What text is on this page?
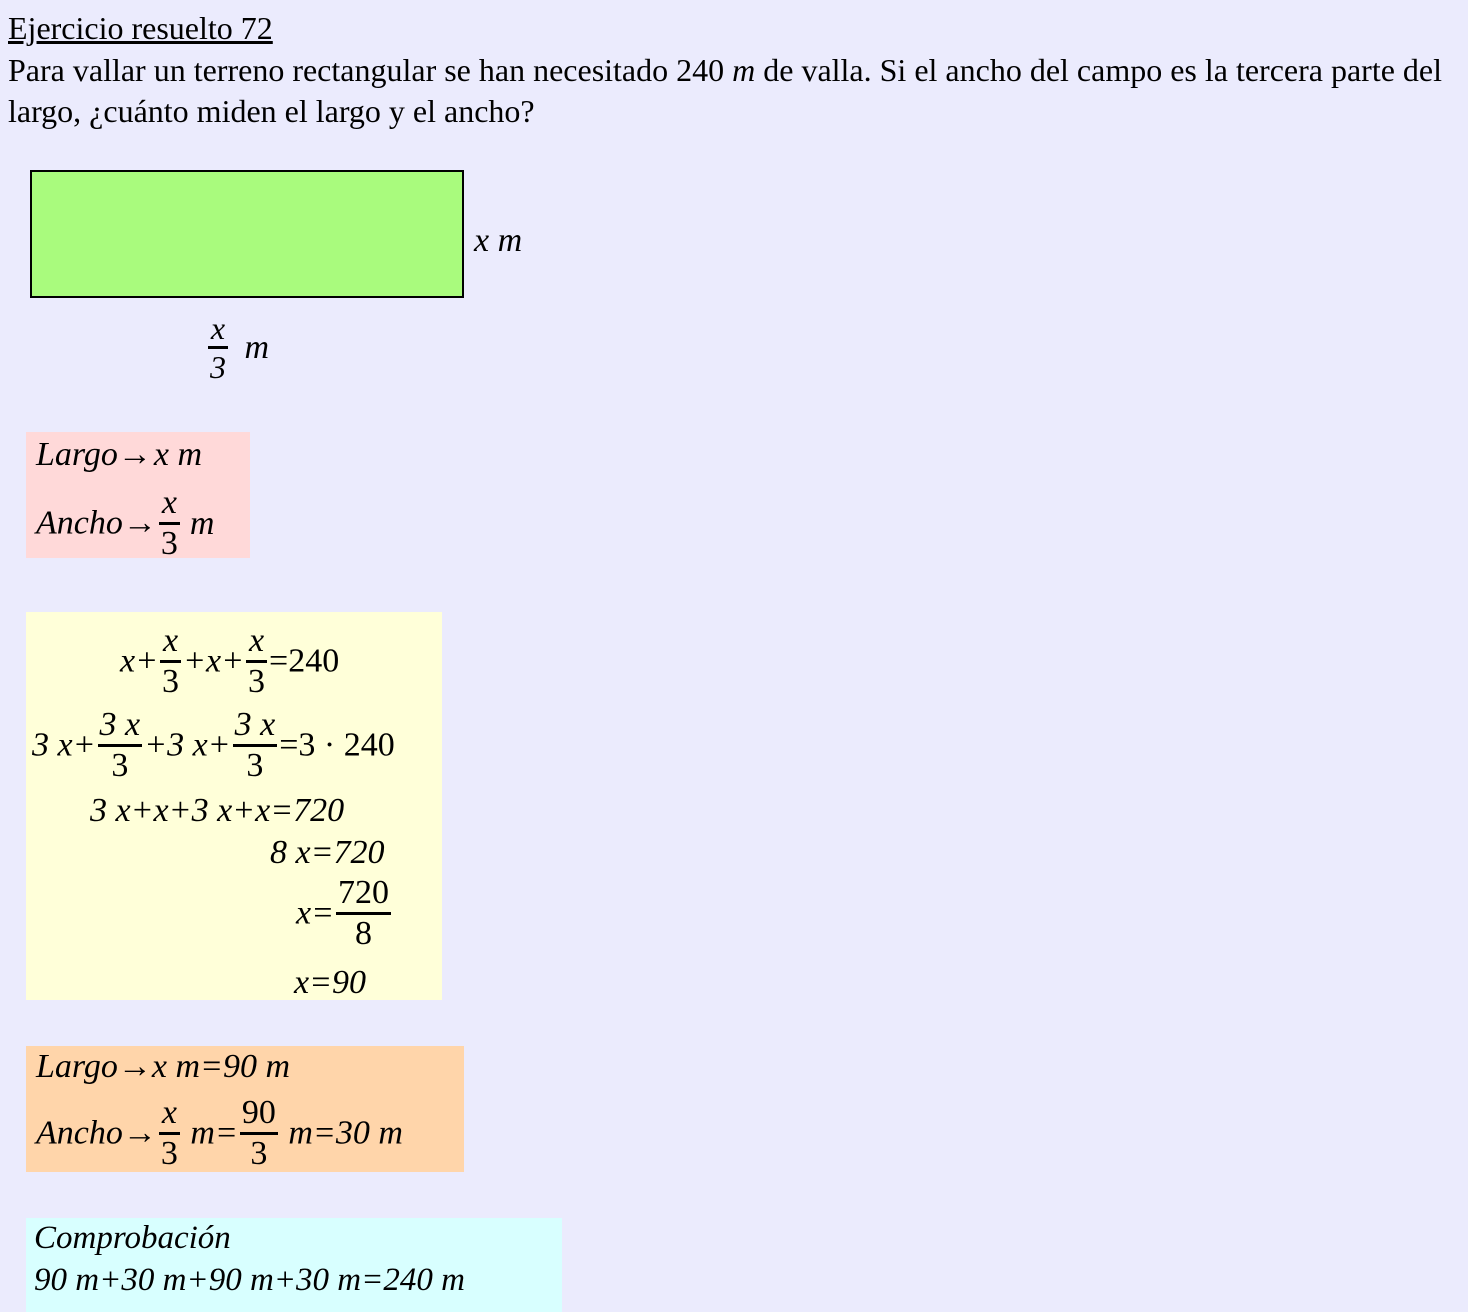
Ejercicio resuelto 72
Para vallar un terreno rectangular se han necesitado 240 m de valla. Si el ancho del campo es la tercera parte del largo, ¿cuánto miden el largo y el ancho?
x m
$\frac{x}{3}$ m
Largo→x m
Ancho→ $\frac{x}{3}$ m
$x+ \frac{x}{3} +x+ \frac{x}{3} =240$
3 $x+ \frac{3 x}{3} +3$ $x+ \frac{3 x}{3} =3 \cdot 240$
3 x+x+3 x+x=720
8 x=720
$x= \frac{720}{8}$
x=90
Largo→x m=90 m
Ancho→ $\frac{x}{3} m= \frac{90}{3} m=30$ m
Comprobación
90 m+30 m+90 m+30 m=240 m
